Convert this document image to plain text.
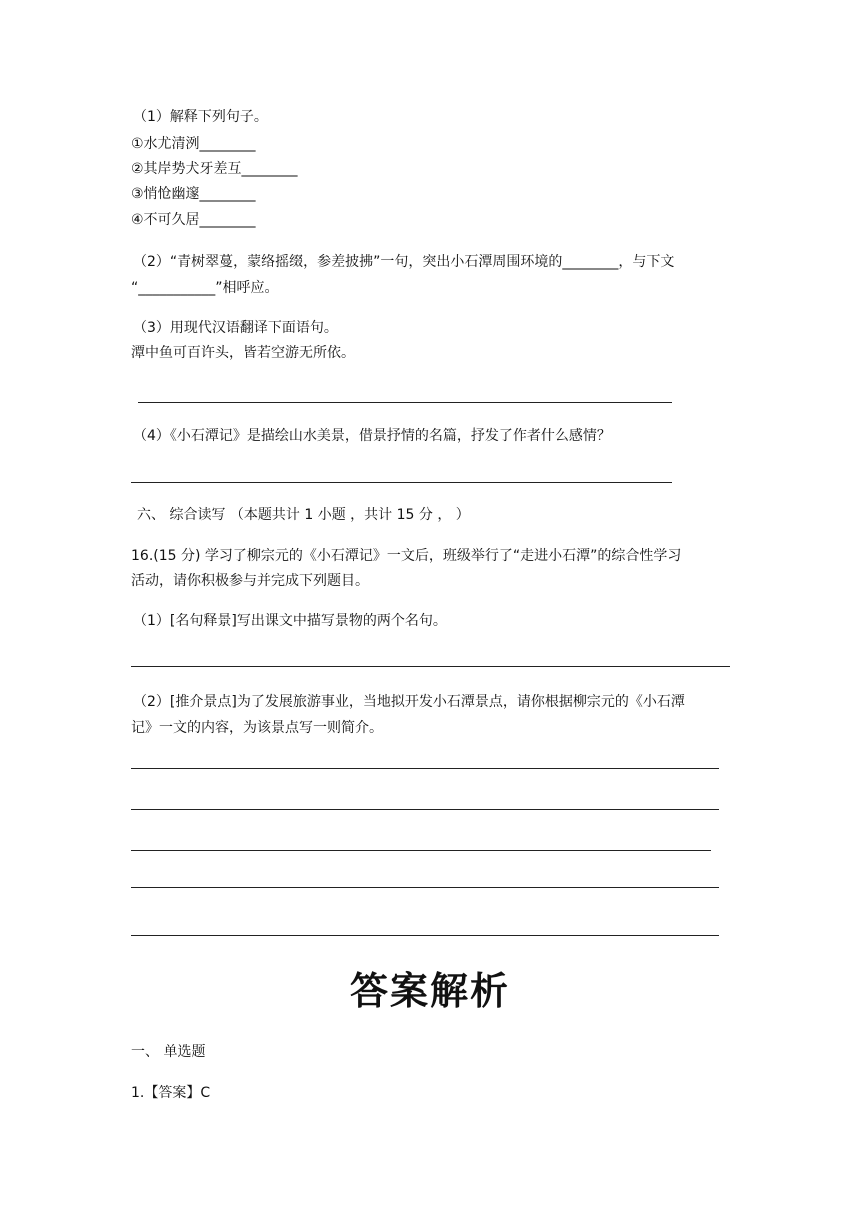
（1）解释下列句子。
①水尤清洌________
②其岸势犬牙差互________
③悄怆幽邃________
④不可久居________
（2）“青树翠蔓，蒙络摇缀，参差披拂”一句，突出小石潭周围环境的________，与下文
“___________”相呼应。
（3）用现代汉语翻译下面语句。
潭中鱼可百许头，皆若空游无所依。
（4）《小石潭记》是描绘山水美景，借景抒情的名篇，抒发了作者什么感情？
六、 综合读写 （本题共计 1 小题 ，共计 15 分 ， ）
16.(15 分) 学习了柳宗元的《小石潭记》一文后，班级举行了“走进小石潭”的综合性学习
活动，请你积极参与并完成下列题目。
（1）[名句释景]写出课文中描写景物的两个名句。
（2）[推介景点]为了发展旅游事业，当地拟开发小石潭景点，请你根据柳宗元的《小石潭
记》一文的内容，为该景点写一则简介。
答案解析
一、 单选题
1.【答案】C
